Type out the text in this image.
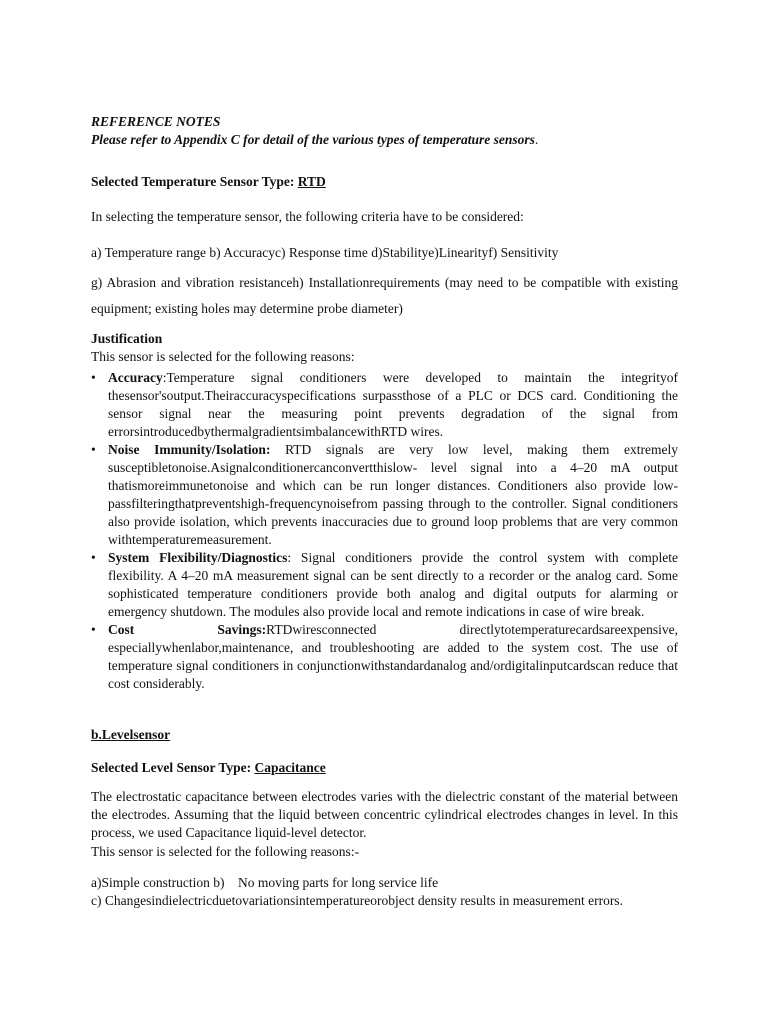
REFERENCE NOTES
Please refer to Appendix C for detail of the various types of temperature sensors.
Selected Temperature Sensor Type: RTD
In selecting the temperature sensor, the following criteria have to be considered:
a) Temperature range b) Accuracyc) Response time d)Stabilitye)Linearityf) Sensitivity
g) Abrasion and vibration resistanceh) Installationrequirements (may need to be compatible with existing equipment; existing holes may determine probe diameter)
Justification
This sensor is selected for the following reasons:
• Accuracy:Temperature signal conditioners were developed to maintain the integrityof thesensor'soutput.Theiraccuracyspecifications surpassthose of a PLC or DCS card. Conditioning the sensor signal near the measuring point prevents degradation of the signal from errorsintroducedbythermalgradientsimbalancewithRTD wires.
• Noise Immunity/Isolation: RTD signals are very low level, making them extremely susceptibletonoise.Asignalconditionercanconvertthislow- level signal into a 4–20 mA output thatismoreimmunetonoise and which can be run longer distances. Conditioners also provide low-passfilteringthatpreventshigh-frequencynoisefrom passing through to the controller. Signal conditioners also provide isolation, which prevents inaccuracies due to ground loop problems that are very common withtemperaturemeasurement.
• System Flexibility/Diagnostics: Signal conditioners provide the control system with complete flexibility. A 4–20 mA measurement signal can be sent directly to a recorder or the analog card. Some sophisticated temperature conditioners provide both analog and digital outputs for alarming or emergency shutdown. The modules also provide local and remote indications in case of wire break.
• Cost Savings:RTDwiresconnected directlytotemperaturecardsareexpensive, especiallywhenlabor,maintenance, and troubleshooting are added to the system cost. The use of temperature signal conditioners in conjunctionwithstandardanalog and/ordigitalinputcardscan reduce that cost considerably.
b.Levelsensor
Selected Level Sensor Type: Capacitance
The electrostatic capacitance between electrodes varies with the dielectric constant of the material between the electrodes. Assuming that the liquid between concentric cylindrical electrodes changes in level. In this process, we used Capacitance liquid-level detector.
This sensor is selected for the following reasons:-
a)Simple construction b)    No moving parts for long service life
c) Changesindielectricduetovariationsintemperatureorobject density results in measurement errors.
